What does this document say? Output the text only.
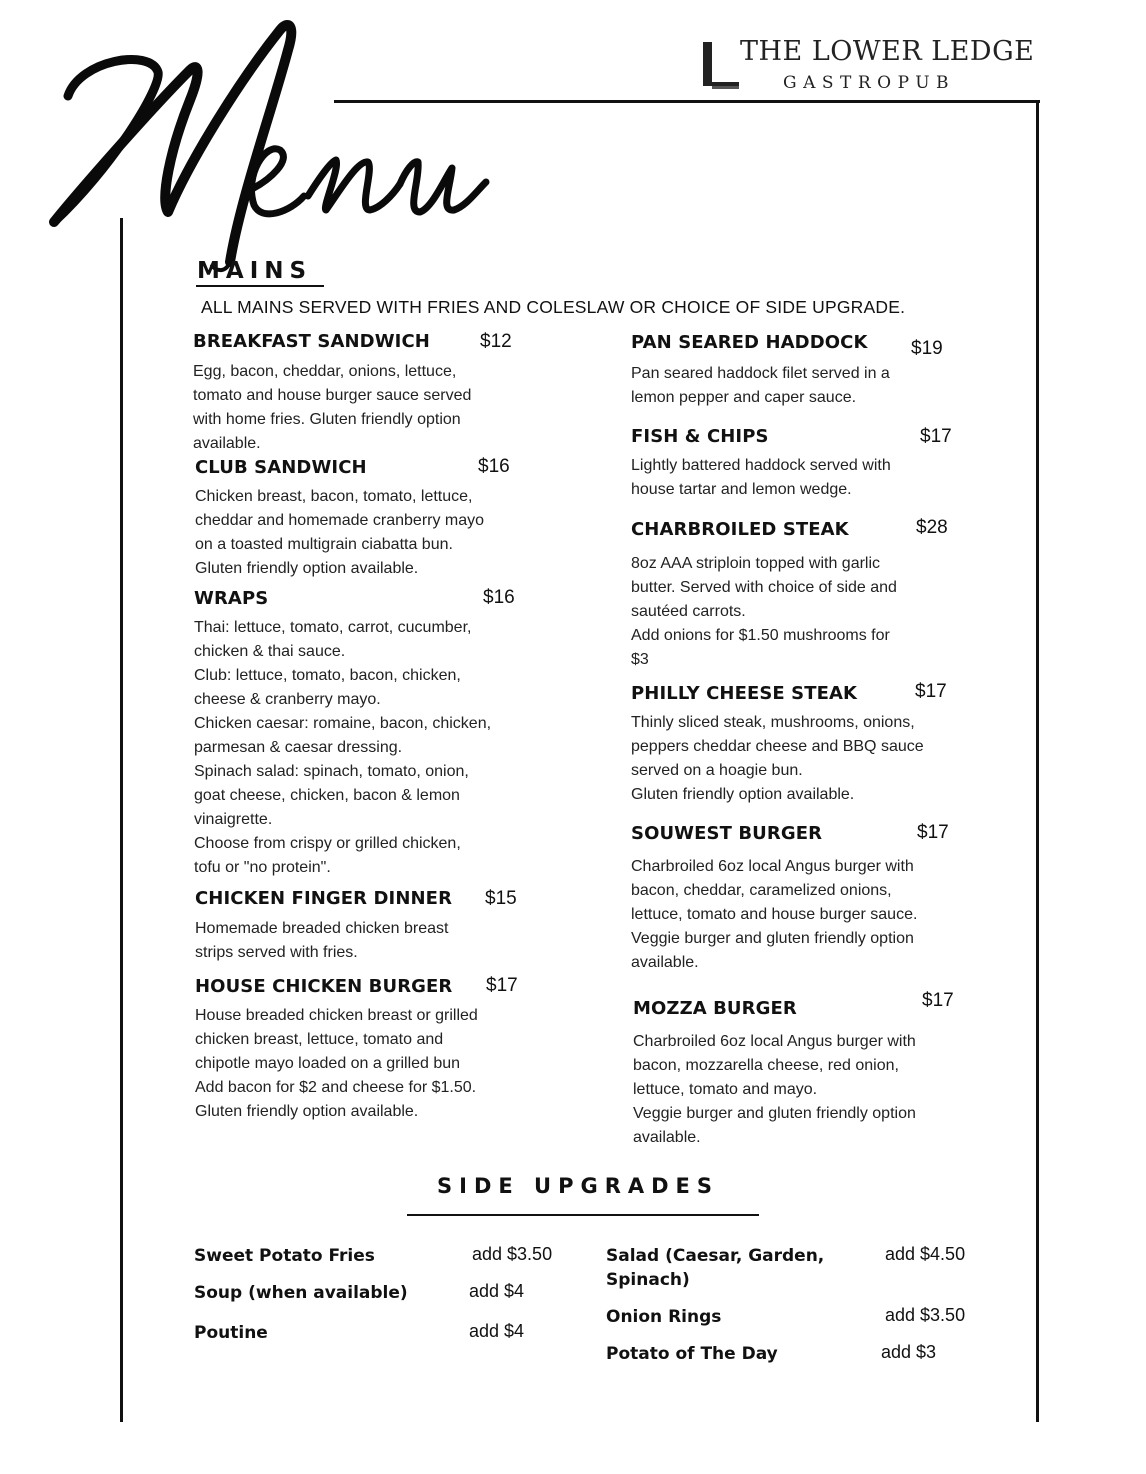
THE LOWER LEDGE
GASTROPUB
MAINS
ALL MAINS SERVED WITH FRIES AND COLESLAW OR CHOICE OF SIDE UPGRADE.
BREAKFAST SANDWICH	$12
Egg, bacon, cheddar, onions, lettuce,
tomato and house burger sauce served
with home fries. Gluten friendly option
available.
CLUB SANDWICH	$16
Chicken breast, bacon, tomato, lettuce,
cheddar and homemade cranberry mayo
on a toasted multigrain ciabatta bun.
Gluten friendly option available.
WRAPS	$16
Thai: lettuce, tomato, carrot, cucumber,
chicken & thai sauce.
Club: lettuce, tomato, bacon, chicken,
cheese & cranberry mayo.
Chicken caesar: romaine, bacon, chicken,
parmesan & caesar dressing.
Spinach salad: spinach, tomato, onion,
goat cheese, chicken, bacon & lemon
vinaigrette.
Choose from crispy or grilled chicken,
tofu or "no protein".
CHICKEN FINGER DINNER $15
Homemade breaded chicken breast
strips served with fries.
HOUSE CHICKEN BURGER $17
House breaded chicken breast or grilled
chicken breast, lettuce, tomato and
chipotle mayo loaded on a grilled bun
Add bacon for $2 and cheese for $1.50.
Gluten friendly option available.
PAN SEARED HADDOCK $19
Pan seared haddock filet served in a
lemon pepper and caper sauce.
FISH & CHIPS	$17
Lightly battered haddock served with
house tartar and lemon wedge.
CHARBROILED STEAK	$28
8oz AAA striploin topped with garlic
butter. Served with choice of side and
sautéed carrots.
Add onions for $1.50 mushrooms for
$3
PHILLY CHEESE STEAK	$17
Thinly sliced steak, mushrooms, onions,
peppers cheddar cheese and BBQ sauce
served on a hoagie bun.
Gluten friendly option available.
SOUWEST BURGER	$17
Charbroiled 6oz local Angus burger with
bacon, cheddar, caramelized onions,
lettuce, tomato and house burger sauce.
Veggie burger and gluten friendly option
available.
MOZZA BURGER	$17
Charbroiled 6oz local Angus burger with
bacon, mozzarella cheese, red onion,
lettuce, tomato and mayo.
Veggie burger and gluten friendly option
available.
SIDE UPGRADES
Sweet Potato Fries	add $3.50
Soup (when available)	add $4
Poutine	add $4
Salad (Caesar, Garden, Spinach)
add $4.50
Onion Rings	add $3.50
Potato of The Day	add $3
